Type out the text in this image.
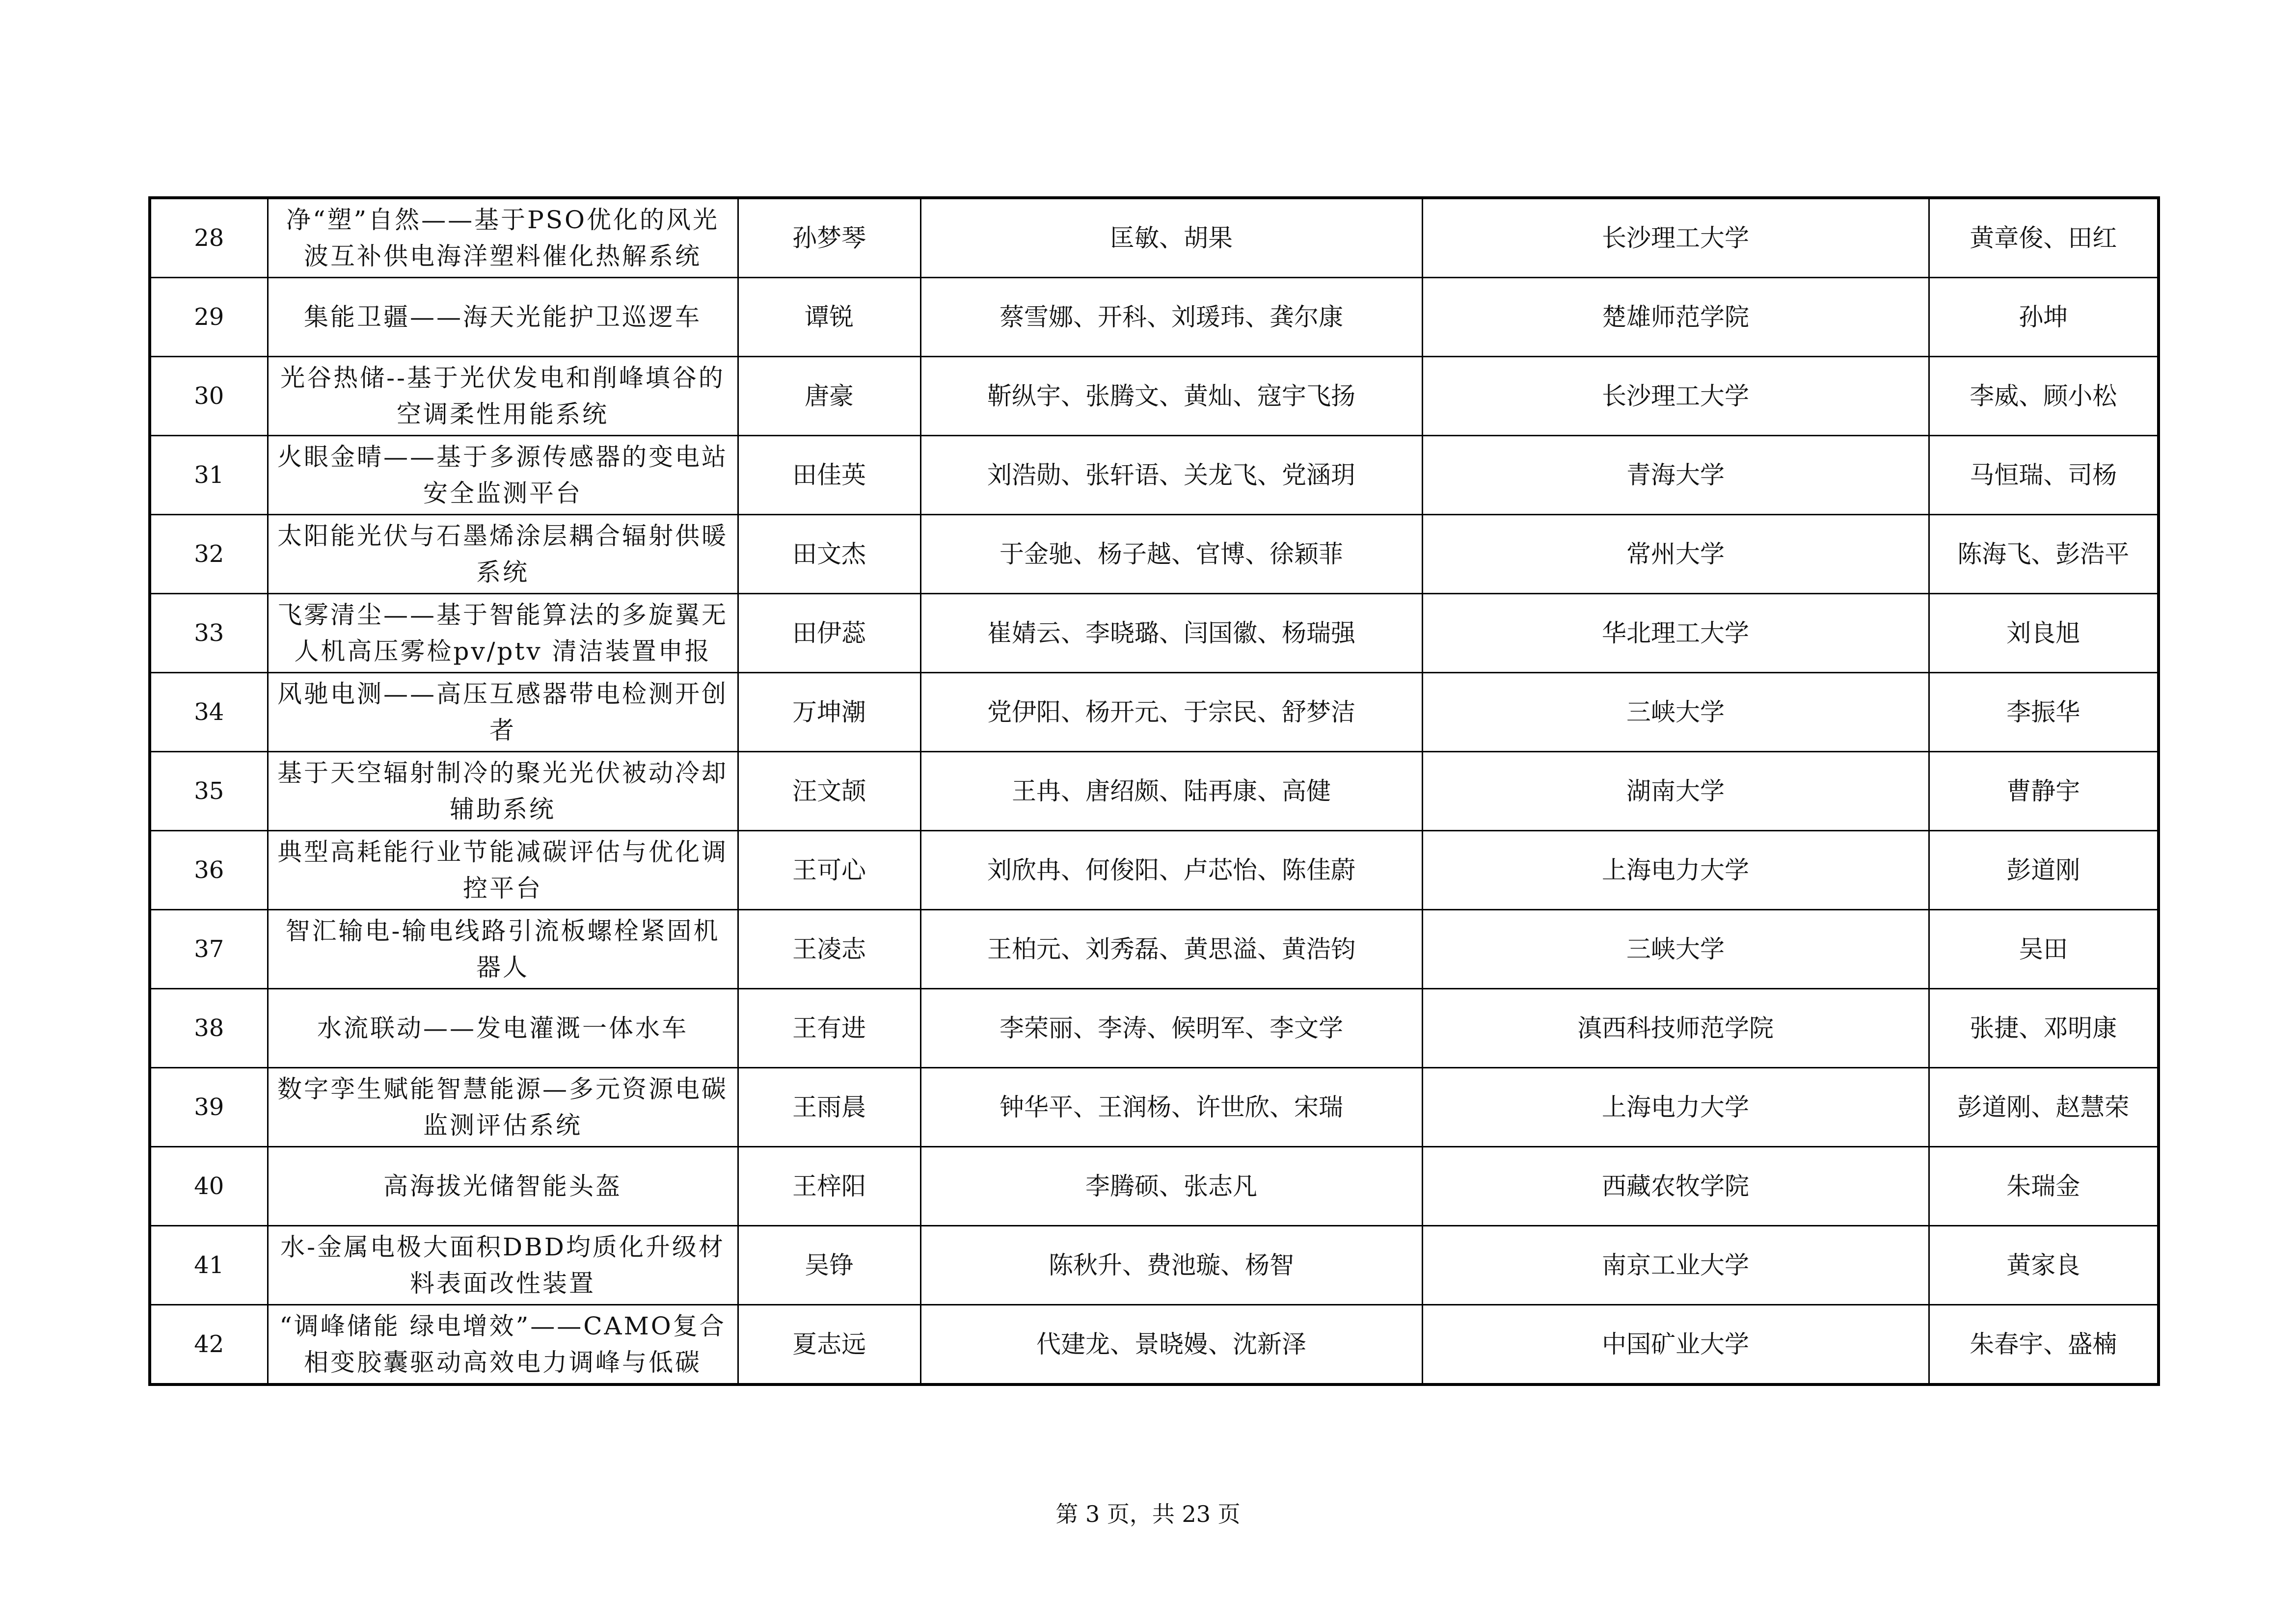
28	净“塑”自然——基于PSO优化的风光波互补供电海洋塑料催化热解系统	孙梦琴	匡敏、胡果	长沙理工大学	黄章俊、田红
29	集能卫疆——海天光能护卫巡逻车	谭锐	蔡雪娜、开科、刘瑗玮、龚尔康	楚雄师范学院	孙坤
30	光谷热储--基于光伏发电和削峰填谷的空调柔性用能系统	唐豪	靳纵宇、张腾文、黄灿、寇宇飞扬	长沙理工大学	李威、顾小松
31	火眼金晴——基于多源传感器的变电站安全监测平台	田佳英	刘浩勋、张轩语、关龙飞、党涵玥	青海大学	马恒瑞、司杨
32	太阳能光伏与石墨烯涂层耦合辐射供暖系统	田文杰	于金驰、杨子越、官博、徐颖菲	常州大学	陈海飞、彭浩平
33	飞雾清尘——基于智能算法的多旋翼无人机高压雾检pv/ptv 清洁装置申报	田伊蕊	崔婧云、李晓璐、闫国徽、杨瑞强	华北理工大学	刘良旭
34	风驰电测——高压互感器带电检测开创者	万坤潮	党伊阳、杨开元、于宗民、舒梦洁	三峡大学	李振华
35	基于天空辐射制冷的聚光光伏被动冷却辅助系统	汪文颉	王冉、唐绍颇、陆再康、高健	湖南大学	曹静宇
36	典型高耗能行业节能减碳评估与优化调控平台	王可心	刘欣冉、何俊阳、卢芯怡、陈佳蔚	上海电力大学	彭道刚
37	智汇输电-输电线路引流板螺栓紧固机器人	王凌志	王柏元、刘秀磊、黄思溢、黄浩钧	三峡大学	吴田
38	水流联动——发电灌溉一体水车	王有进	李荣丽、李涛、候明军、李文学	滇西科技师范学院	张捷、邓明康
39	数字孪生赋能智慧能源—多元资源电碳监测评估系统	王雨晨	钟华平、王润杨、许世欣、宋瑞	上海电力大学	彭道刚、赵慧荣
40	高海拔光储智能头盔	王梓阳	李腾硕、张志凡	西藏农牧学院	朱瑞金
41	水-金属电极大面积DBD均质化升级材料表面改性装置	吴铮	陈秋升、费池璇、杨智	南京工业大学	黄家良
42	“调峰储能 绿电增效”——CAMO复合相变胶囊驱动高效电力调峰与低碳	夏志远	代建龙、景晓嫚、沈新泽	中国矿业大学	朱春宇、盛楠
第 3 页，共 23 页
